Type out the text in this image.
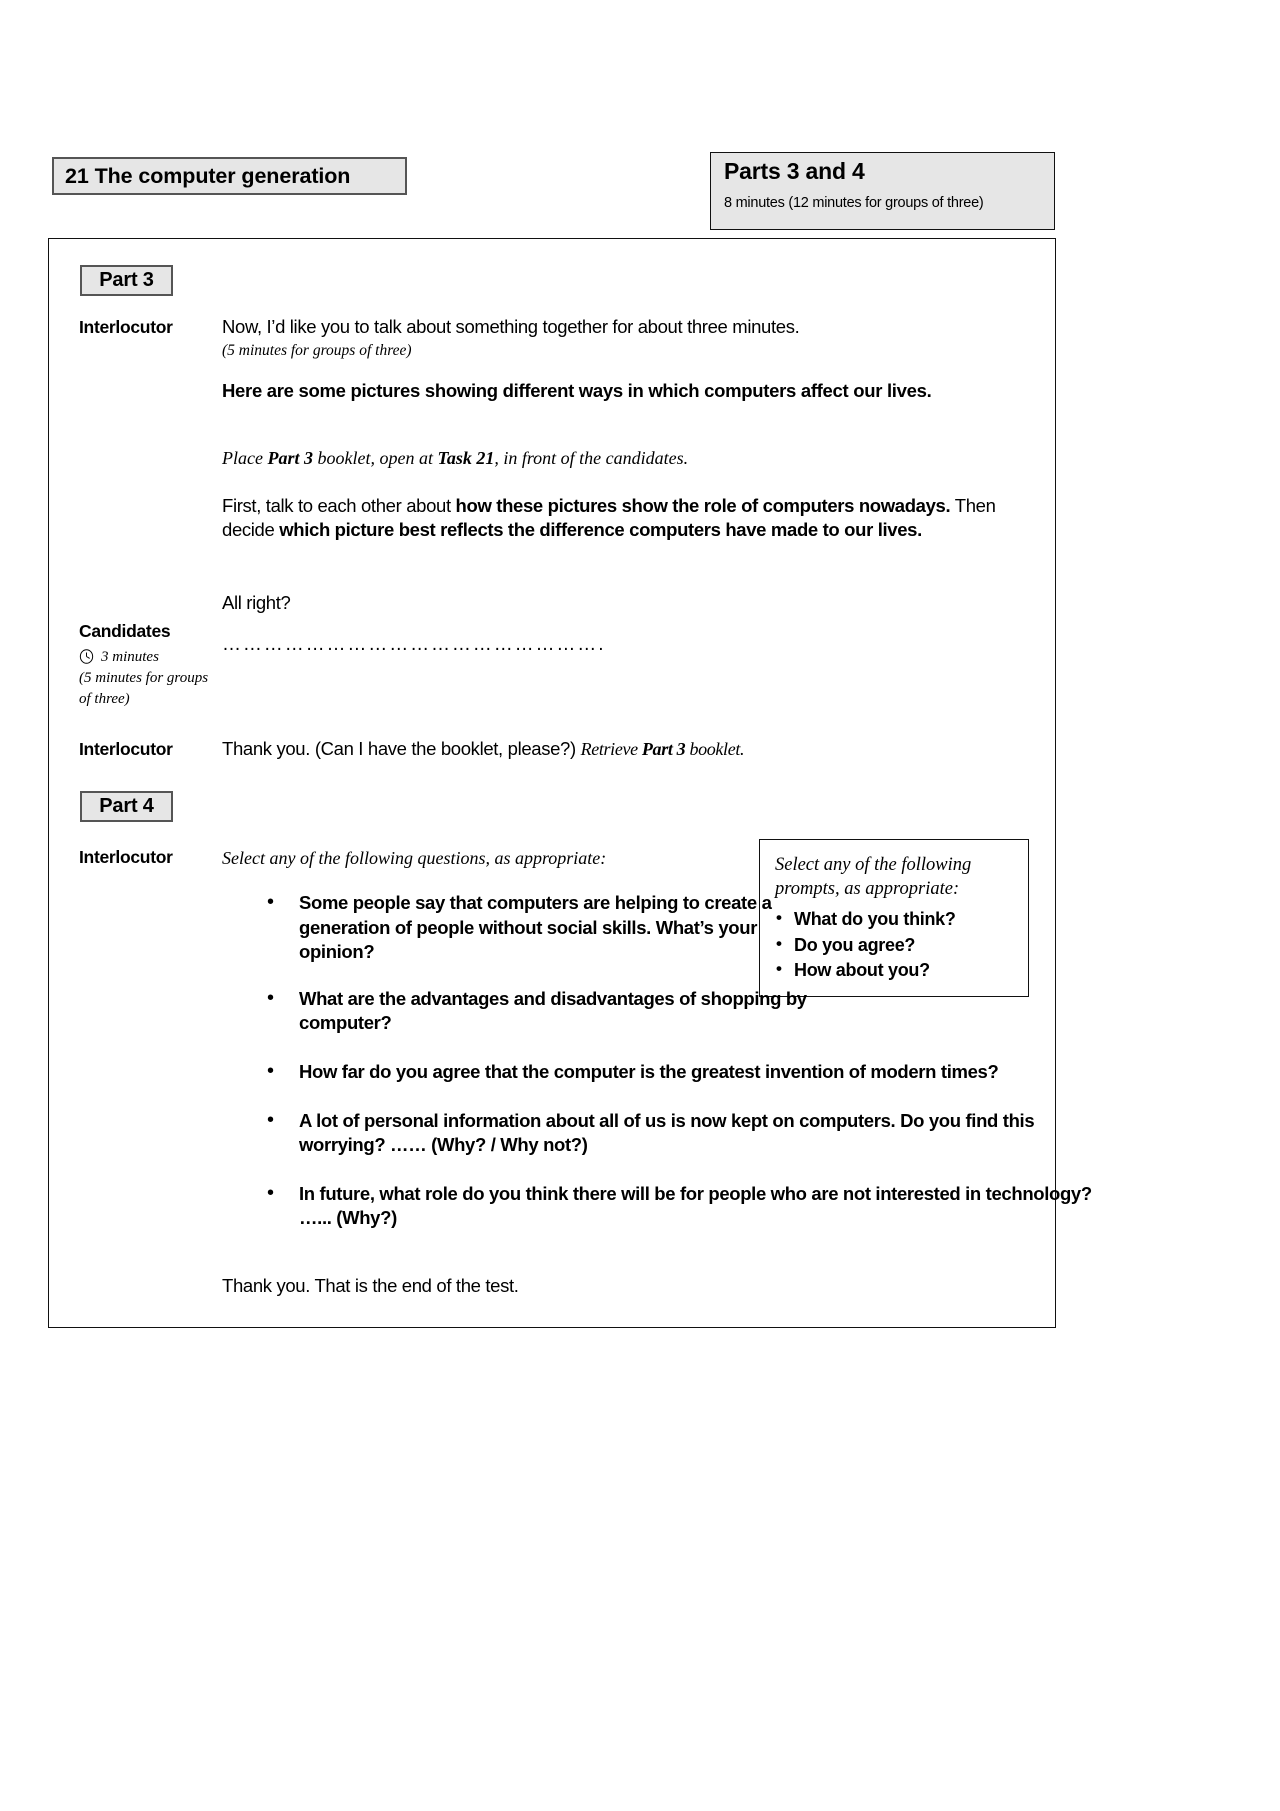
21 The computer generation	Parts 3 and 4
8 minutes (12 minutes for groups of three)
Part 3
Interlocutor	Now, I’d like you to talk about something together for about three minutes.
(5 minutes for groups of three)
Here are some pictures showing different ways in which computers affect our lives.
Place Part 3 booklet, open at Task 21, in front of the candidates.
First, talk to each other about how these pictures show the role of computers nowadays. Then decide which picture best reflects the difference computers have made to our lives.
All right?
Candidates
3 minutes
(5 minutes for groups of three)
……………………………………………….
Interlocutor	Thank you. (Can I have the booklet, please?) Retrieve Part 3 booklet.
Part 4
Interlocutor	Select any of the following questions, as appropriate:	Select any of the following prompts, as appropriate:
• What do you think?
• Do you agree?
• How about you?
• Some people say that computers are helping to create a generation of people without social skills. What’s your opinion?
• What are the advantages and disadvantages of shopping by computer?
• How far do you agree that the computer is the greatest invention of modern times?
• A lot of personal information about all of us is now kept on computers. Do you find this worrying? …… (Why? / Why not?)
• In future, what role do you think there will be for people who are not interested in technology? …... (Why?)
Thank you. That is the end of the test.
